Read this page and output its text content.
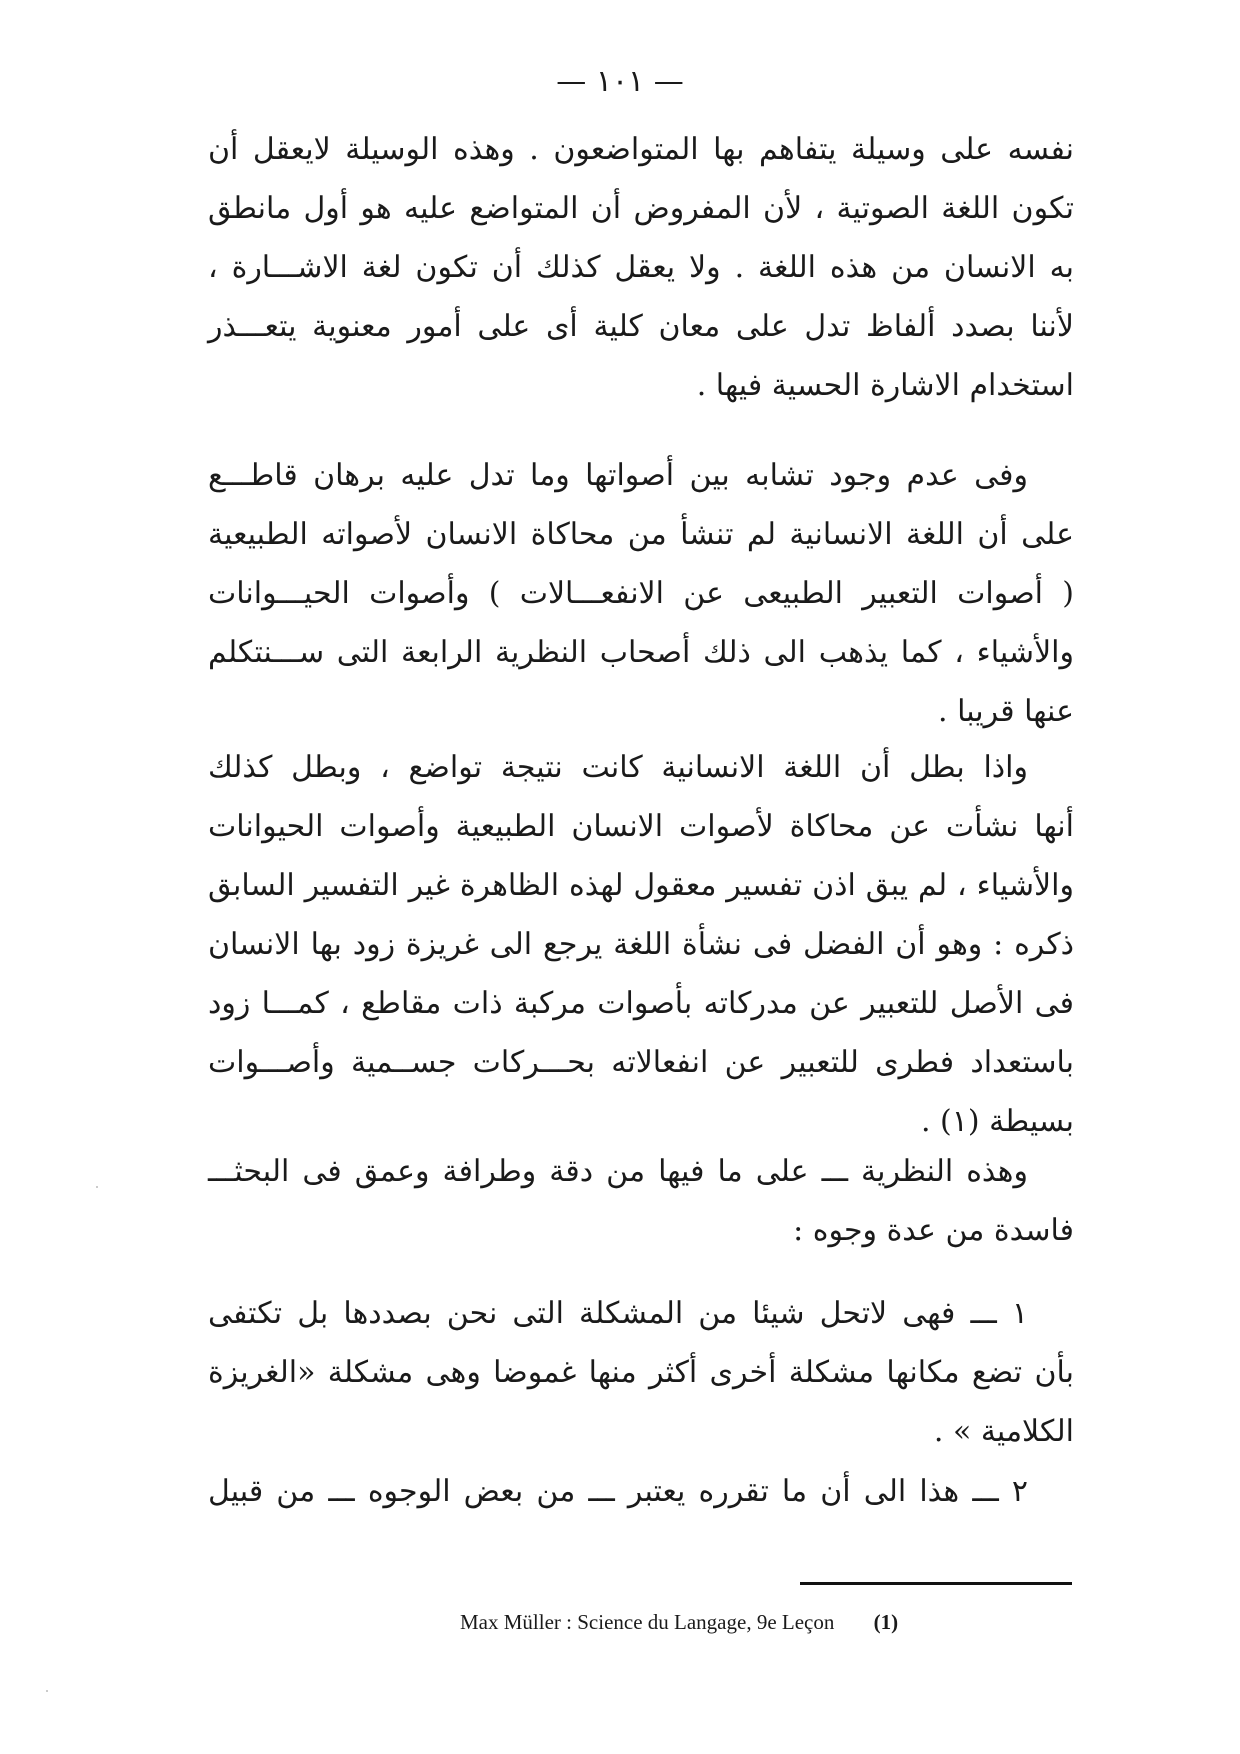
— ١٠١ —
نفسه على وسيلة يتفاهم بها المتواضعون . وهذه الوسيلة لايعقل أن
تكون اللغة الصوتية ، لأن المفروض أن المتواضع عليه هو أول مانطق
به الانسان من هذه اللغة . ولا يعقل كذلك أن تكون لغة الاشـــارة ،
لأننا بصدد ألفاظ تدل على معان كلية أى على أمور معنوية يتعـــذر
استخدام الاشارة الحسية فيها .
وفى عدم وجود تشابه بين أصواتها وما تدل عليه برهان قاطـــع
على أن اللغة الانسانية لم تنشأ من محاكاة الانسان لأصواته الطبيعية
( أصوات التعبير الطبيعى عن الانفعـــالات ) وأصوات الحيـــوانات
والأشياء ، كما يذهب الى ذلك أصحاب النظرية الرابعة التى ســـنتكلم
عنها قريبا .
واذا بطل أن اللغة الانسانية كانت نتيجة تواضع ، وبطل كذلك
أنها نشأت عن محاكاة لأصوات الانسان الطبيعية وأصوات الحيوانات
والأشياء ، لم يبق اذن تفسير معقول لهذه الظاهرة غير التفسير السابق
ذكره : وهو أن الفضل فى نشأة اللغة يرجع الى غريزة زود بها الانسان
فى الأصل للتعبير عن مدركاته بأصوات مركبة ذات مقاطع ، كمـــا زود
باستعداد فطرى للتعبير عن انفعالاته بحـــركات جســمية وأصـــوات
بسيطة (١) .
وهذه النظرية ـــ على ما فيها من دقة وطرافة وعمق فى البحثـــ
فاسدة من عدة وجوه :
١ ـــ فهى لاتحل شيئا من المشكلة التى نحن بصددها بل تكتفى
بأن تضع مكانها مشكلة أخرى أكثر منها غموضا وهى مشكلة «الغريزة
الكلامية » .
٢ ـــ هذا الى أن ما تقرره يعتبر ـــ من بعض الوجوه ـــ من قبيل
Max Müller : Science du Langage, 9e Leçon (1)
